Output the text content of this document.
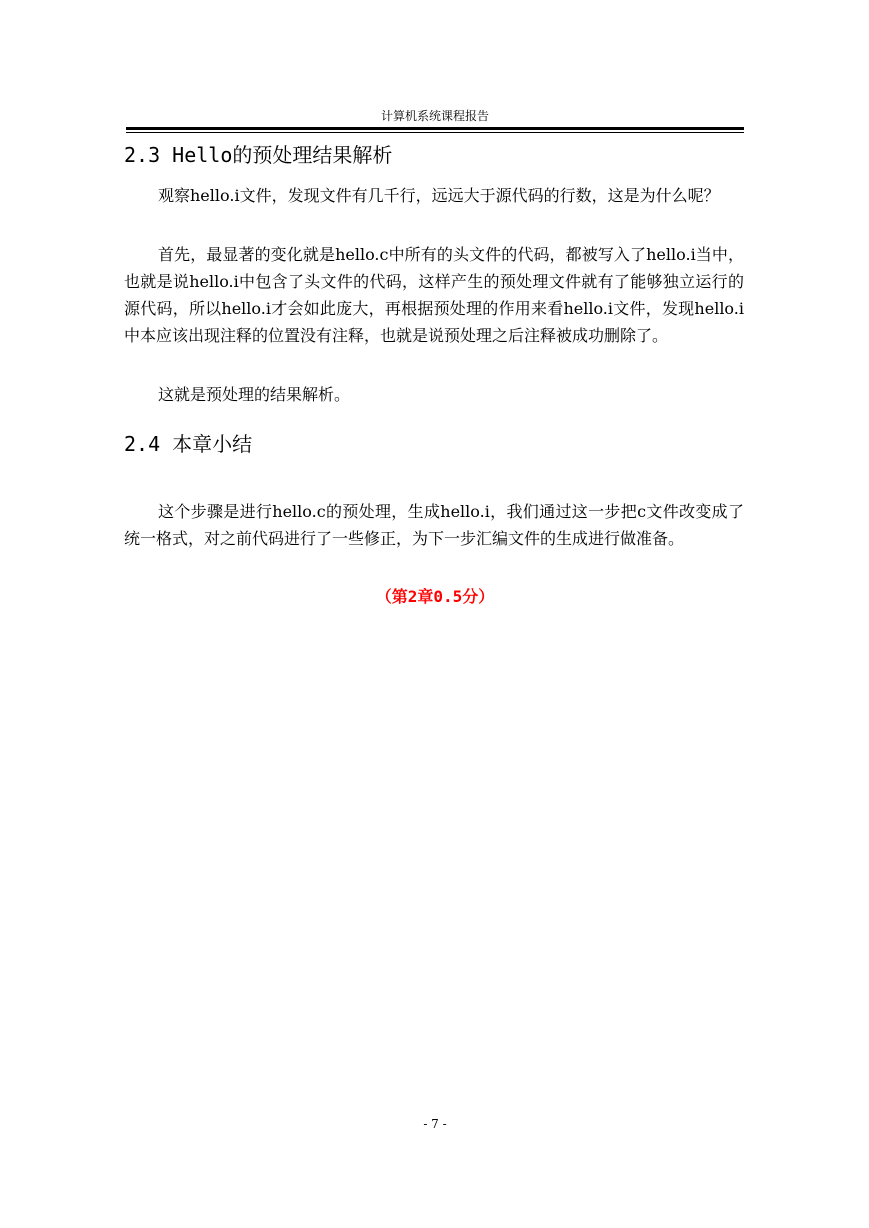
计算机系统课程报告
2.3 Hello的预处理结果解析

观察hello.i文件，发现文件有几千行，远远大于源代码的行数，这是为什么呢？

首先，最显著的变化就是hello.c中所有的头文件的代码，都被写入了hello.i当中，也就是说hello.i中包含了头文件的代码，这样产生的预处理文件就有了能够独立运行的源代码，所以hello.i才会如此庞大，再根据预处理的作用来看hello.i文件，发现hello.i中本应该出现注释的位置没有注释，也就是说预处理之后注释被成功删除了。

这就是预处理的结果解析。

2.4 本章小结

这个步骤是进行hello.c的预处理，生成hello.i，我们通过这一步把c文件改变成了统一格式，对之前代码进行了一些修正，为下一步汇编文件的生成进行做准备。

（第2章0.5分）
- 7 -
